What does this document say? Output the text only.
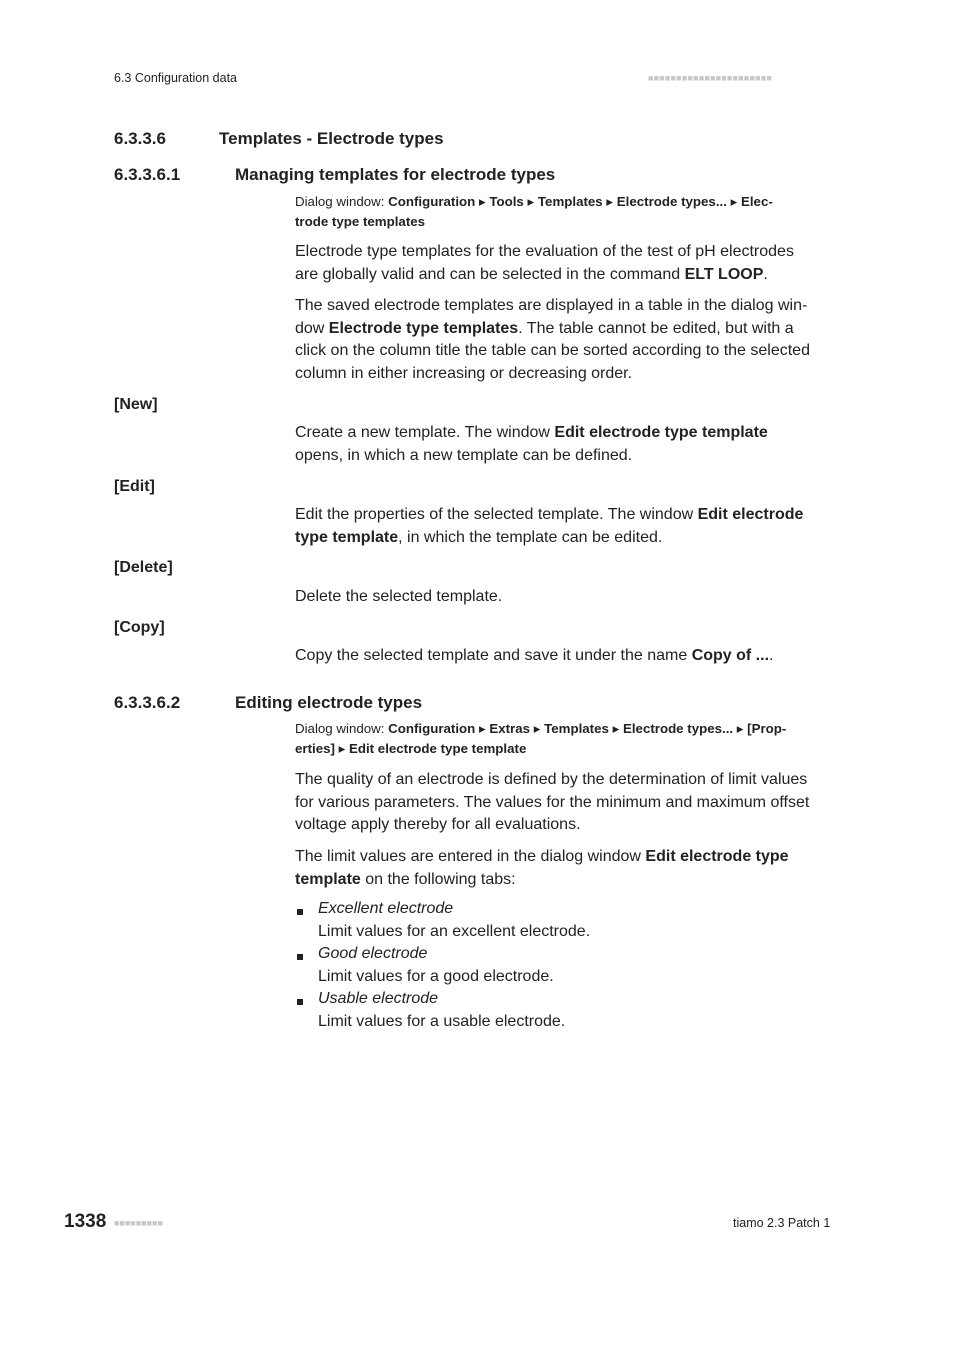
6.3 Configuration data	■■■■■■■■■■■■■■■■■■■■■■
6.3.3.6	Templates - Electrode types
6.3.3.6.1	Managing templates for electrode types
Dialog window: Configuration ▸ Tools ▸ Templates ▸ Electrode types... ▸ Elec-
trode type templates
Electrode type templates for the evaluation of the test of pH electrodes
are globally valid and can be selected in the command ELT LOOP.
The saved electrode templates are displayed in a table in the dialog win-
dow Electrode type templates. The table cannot be edited, but with a
click on the column title the table can be sorted according to the selected
column in either increasing or decreasing order.
[New]
Create a new template. The window Edit electrode type template
opens, in which a new template can be defined.
[Edit]
Edit the properties of the selected template. The window Edit electrode
type template, in which the template can be edited.
[Delete]
Delete the selected template.
[Copy]
Copy the selected template and save it under the name Copy of ....
6.3.3.6.2	Editing electrode types
Dialog window: Configuration ▸ Extras ▸ Templates ▸ Electrode types... ▸ [Prop-
erties] ▸ Edit electrode type template
The quality of an electrode is defined by the determination of limit values
for various parameters. The values for the minimum and maximum offset
voltage apply thereby for all evaluations.
The limit values are entered in the dialog window Edit electrode type
template on the following tabs:
Excellent electrode
Limit values for an excellent electrode.
Good electrode
Limit values for a good electrode.
Usable electrode
Limit values for a usable electrode.
1338 ■■■■■■■■■	tiamo 2.3 Patch 1
